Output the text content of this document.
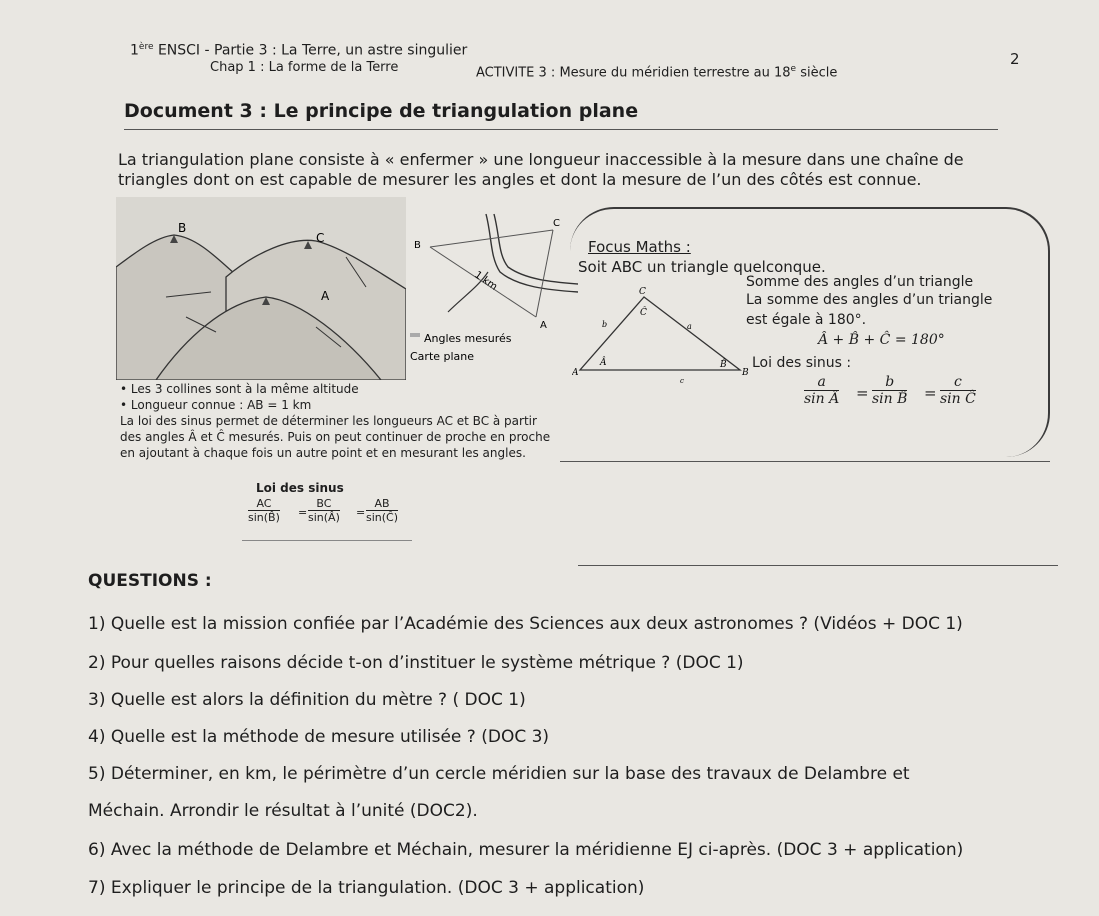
1ère ENSCI - Partie 3 : La Terre, un astre singulier
Chap 1 : La forme de la Terre	ACTIVITE 3 : Mesure du méridien terrestre au 18e siècle
2
Document 3 : Le principe de triangulation plane
La triangulation plane consiste à « enfermer » une longueur inaccessible à la mesure dans une chaîne de
triangles dont on est capable de mesurer les angles et dont la mesure de l’un des côtés est connue.
B
C
A
B
C
A
1 km
Angles mesurés
Carte plane
Focus Maths :
Soit ABC un triangle quelconque.
Somme des angles d’un triangle
La somme des angles d’un triangle
est égale à 180°.
Â + B̂ + Ĉ = 180°
Loi des sinus :
A	B
C
b	a
c
Â	B̂
Ĉ
$\frac{a}{\text{sin Â}} = \frac{b}{\text{sin B̂}} = \frac{c}{\text{sin Ĉ}}$
• Les 3 collines sont à la même altitude
• Longueur connue : AB = 1 km
La loi des sinus permet de déterminer les longueurs AC et BC à partir
des angles Â et Ĉ mesurés. Puis on peut continuer de proche en proche
en ajoutant à chaque fois un autre point et en mesurant les angles.
Loi des sinus
$\frac{AC}{\sin(B̂)} = \frac{BC}{\sin(Â)} = \frac{AB}{\sin(Ĉ)}$
QUESTIONS :
1) Quelle est la mission confiée par l’Académie des Sciences aux deux astronomes ? (Vidéos + DOC 1)
2) Pour quelles raisons décide t-on d’instituer le système métrique ? (DOC 1)
3) Quelle est alors la définition du mètre ? ( DOC 1)
4) Quelle est la méthode de mesure utilisée ? (DOC 3)
5) Déterminer, en km, le périmètre d’un cercle méridien sur la base des travaux de Delambre et
Méchain. Arrondir le résultat à l’unité (DOC2).
6) Avec la méthode de Delambre et Méchain, mesurer la méridienne EJ ci-après. (DOC 3 + application)
7) Expliquer le principe de la triangulation. (DOC 3 + application)
